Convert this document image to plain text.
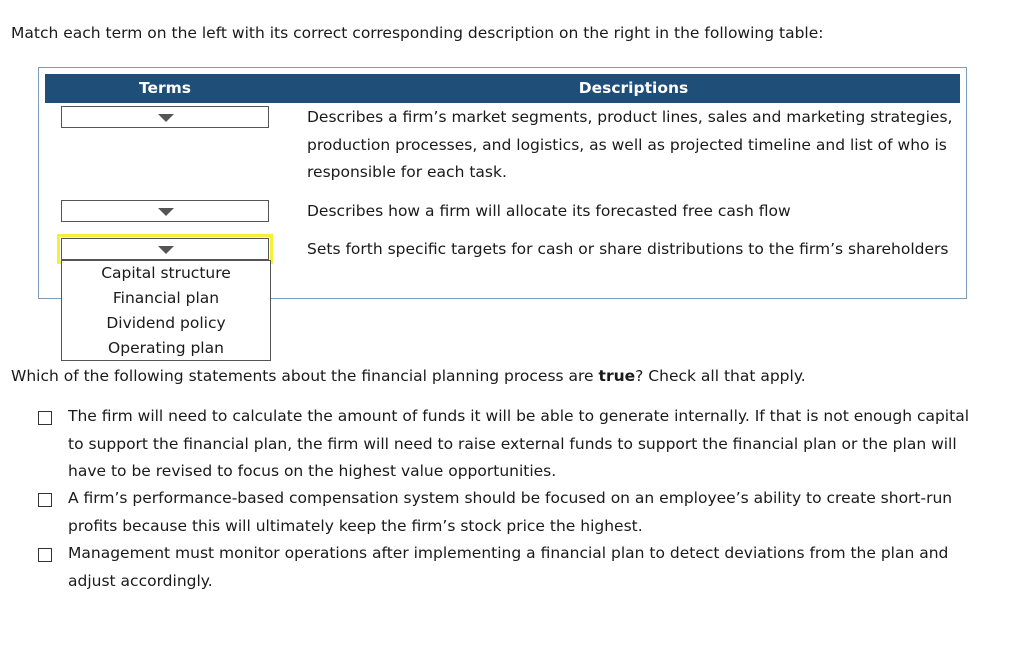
Match each term on the left with its correct corresponding description on the right in the following table:
Terms	Descriptions
Describes a firm’s market segments, product lines, sales and marketing strategies, production processes, and logistics, as well as projected timeline and list of who is responsible for each task.
Describes how a firm will allocate its forecasted free cash flow
Sets forth specific targets for cash or share distributions to the firm’s shareholders
Capital structure
Financial plan
Dividend policy
Operating plan
Which of the following statements about the financial planning process are true? Check all that apply.
The firm will need to calculate the amount of funds it will be able to generate internally. If that is not enough capital to support the financial plan, the firm will need to raise external funds to support the financial plan or the plan will have to be revised to focus on the highest value opportunities.
A firm’s performance-based compensation system should be focused on an employee’s ability to create short-run profits because this will ultimately keep the firm’s stock price the highest.
Management must monitor operations after implementing a financial plan to detect deviations from the plan and adjust accordingly.
